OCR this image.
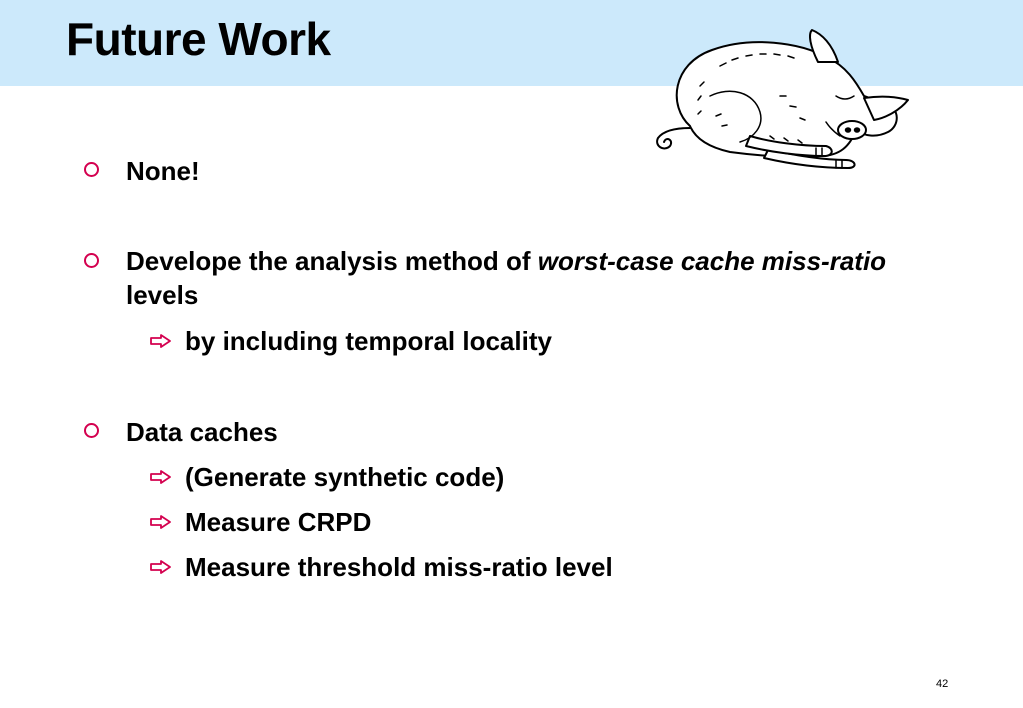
Future Work
None!
Develope the analysis method of worst-case cache miss-ratio levels
by including temporal locality
Data caches
(Generate synthetic code)
Measure CRPD
Measure threshold miss-ratio level
42
